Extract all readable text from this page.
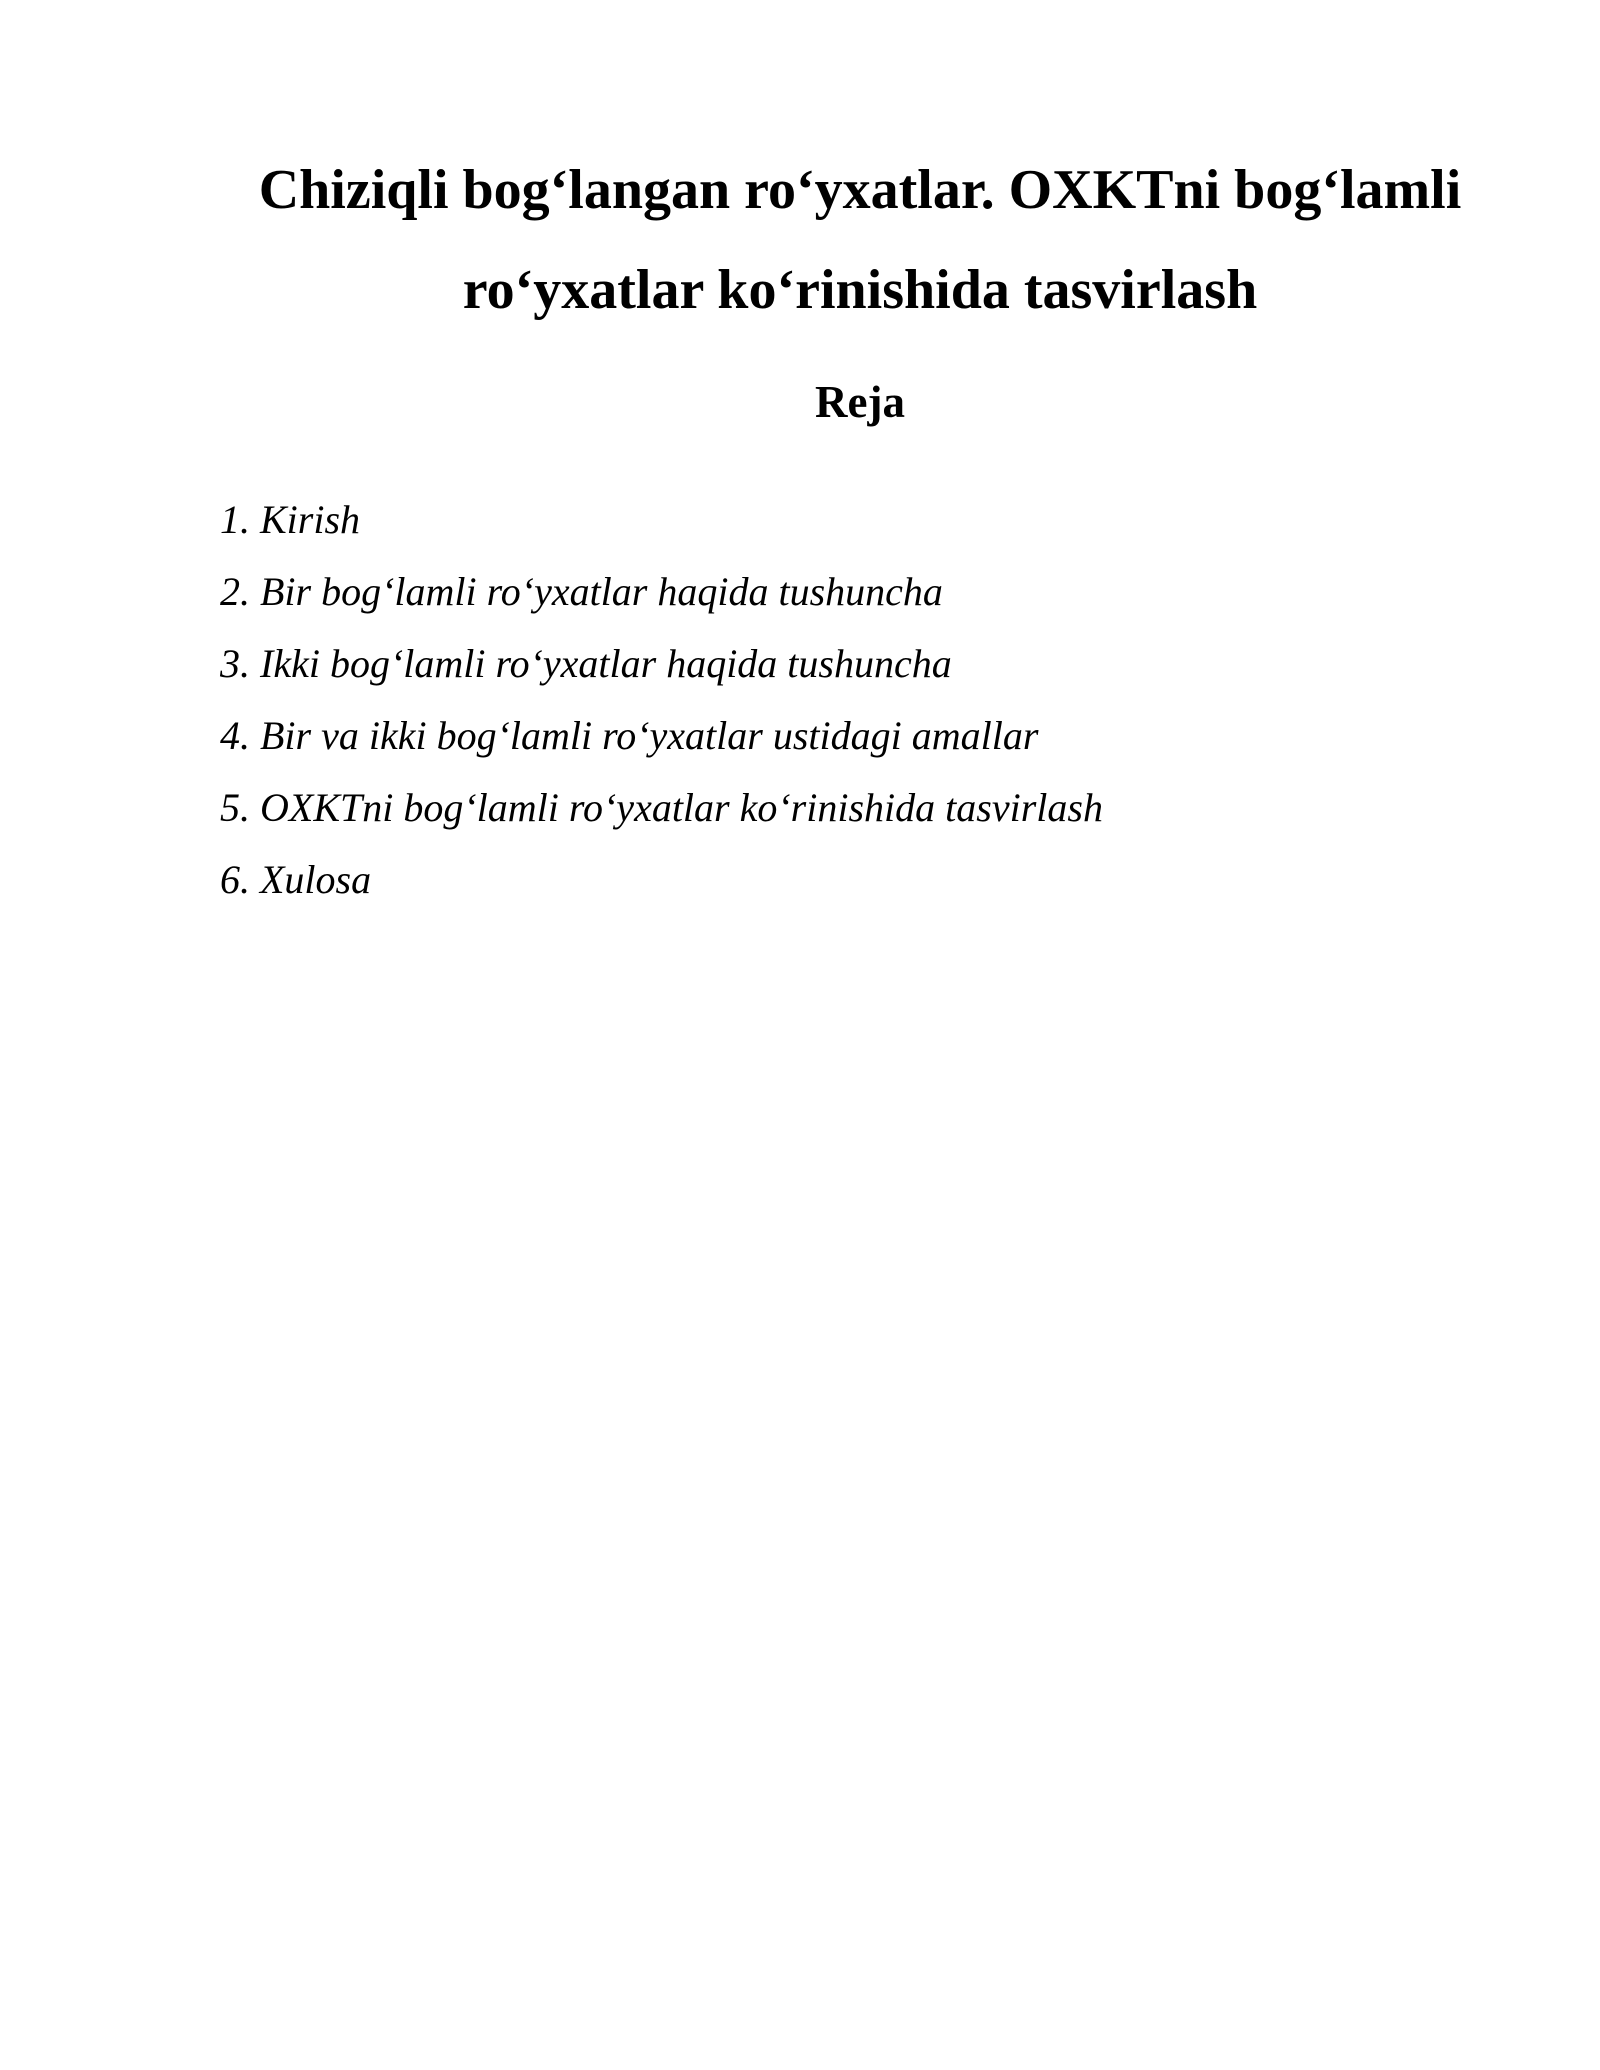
Chiziqli bog‘langan ro‘yxatlar. OXKTni bog‘lamli
ro‘yxatlar ko‘rinishida tasvirlash
Reja
1. Kirish
2. Bir bog‘lamli ro‘yxatlar haqida tushuncha
3. Ikki bog‘lamli ro‘yxatlar haqida tushuncha
4. Bir va ikki bog‘lamli ro‘yxatlar ustidagi amallar
5. OXKTni bog‘lamli ro‘yxatlar ko‘rinishida tasvirlash
6. Xulosa
